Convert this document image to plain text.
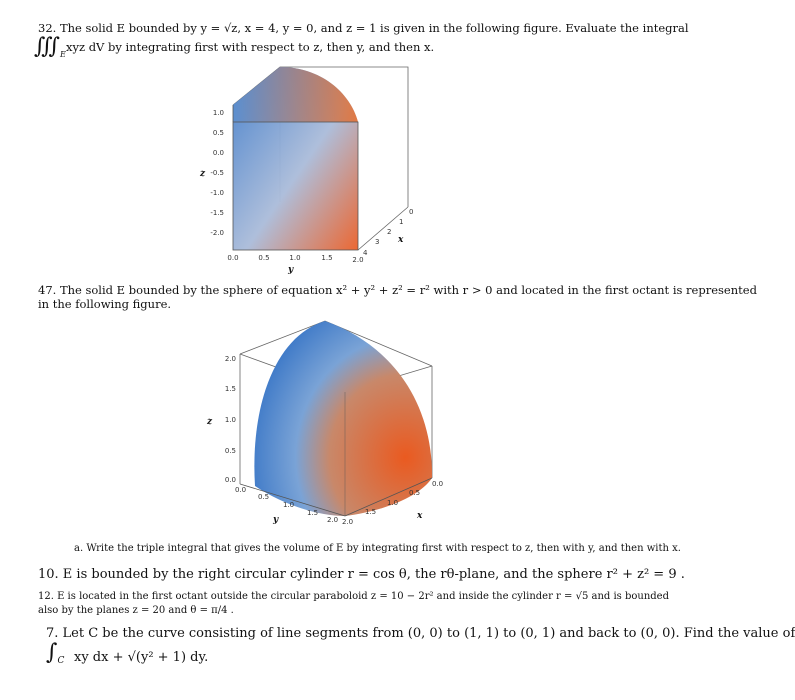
32. The solid E bounded by y = √z, x = 4, y = 0, and z = 1 is given in the following figure. Evaluate the integral
$∭_E$
xyz dV by integrating first with respect to z, then y, and then x.
1.0
0.5
0.0
-0.5
-1.0
-1.5
-2.0
z
0.0	0.5	1.0	1.5	2.0
y
0
1
2
3
4
x
47. The solid E bounded by the sphere of equation x² + y² + z² = r² with r > 0 and located in the first octant is represented
in the following figure.
2.0
1.5
1.0
0.5
0.0
z
0.0
0.5
1.0
1.5
2.0
y	2.0
1.5
1.0
0.5
0.0
x
a. Write the triple integral that gives the volume of E by integrating first with respect to z, then with y, and then with x.
10. E is bounded by the right circular cylinder r = cos θ, the rθ-plane, and the sphere r² + z² = 9 .
12. E is located in the first octant outside the circular paraboloid z = 10 − 2r² and inside the cylinder r = √5 and is bounded
also by the planes z = 20 and θ = π/4 .
7. Let C be the curve consisting of line segments from (0, 0) to (1, 1) to (0, 1) and back to (0, 0). Find the value of
$\int_C$ xy dx + √(y² + 1) dy.
